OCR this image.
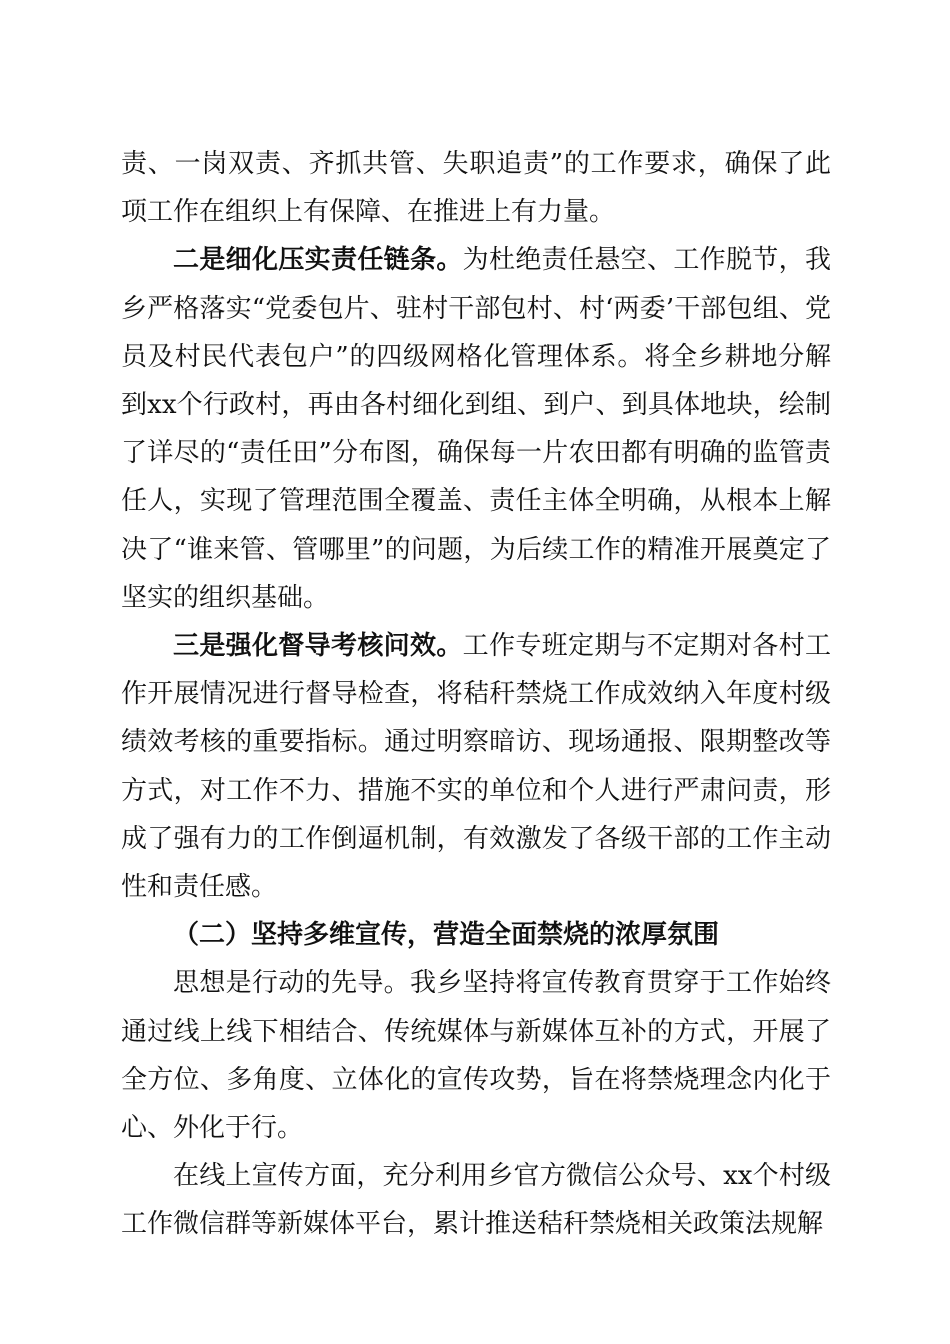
责、一岗双责、齐抓共管、失职追责”的工作要求，确保了此项工作在组织上有保障、在推进上有力量。

二是细化压实责任链条。为杜绝责任悬空、工作脱节，我乡严格落实“党委包片、驻村干部包村、村‘两委’干部包组、党员及村民代表包户”的四级网格化管理体系。将全乡耕地分解到xx个行政村，再由各村细化到组、到户、到具体地块，绘制了详尽的“责任田”分布图，确保每一片农田都有明确的监管责任人，实现了管理范围全覆盖、责任主体全明确，从根本上解决了“谁来管、管哪里”的问题，为后续工作的精准开展奠定了坚实的组织基础。

三是强化督导考核问效。工作专班定期与不定期对各村工作开展情况进行督导检查，将秸秆禁烧工作成效纳入年度村级绩效考核的重要指标。通过明察暗访、现场通报、限期整改等方式，对工作不力、措施不实的单位和个人进行严肃问责，形成了强有力的工作倒逼机制，有效激发了各级干部的工作主动性和责任感。

（二）坚持多维宣传，营造全面禁烧的浓厚氛围

思想是行动的先导。我乡坚持将宣传教育贯穿于工作始终通过线上线下相结合、传统媒体与新媒体互补的方式，开展了全方位、多角度、立体化的宣传攻势，旨在将禁烧理念内化于心、外化于行。

在线上宣传方面，充分利用乡官方微信公众号、xx个村级工作微信群等新媒体平台，累计推送秸秆禁烧相关政策法规解
